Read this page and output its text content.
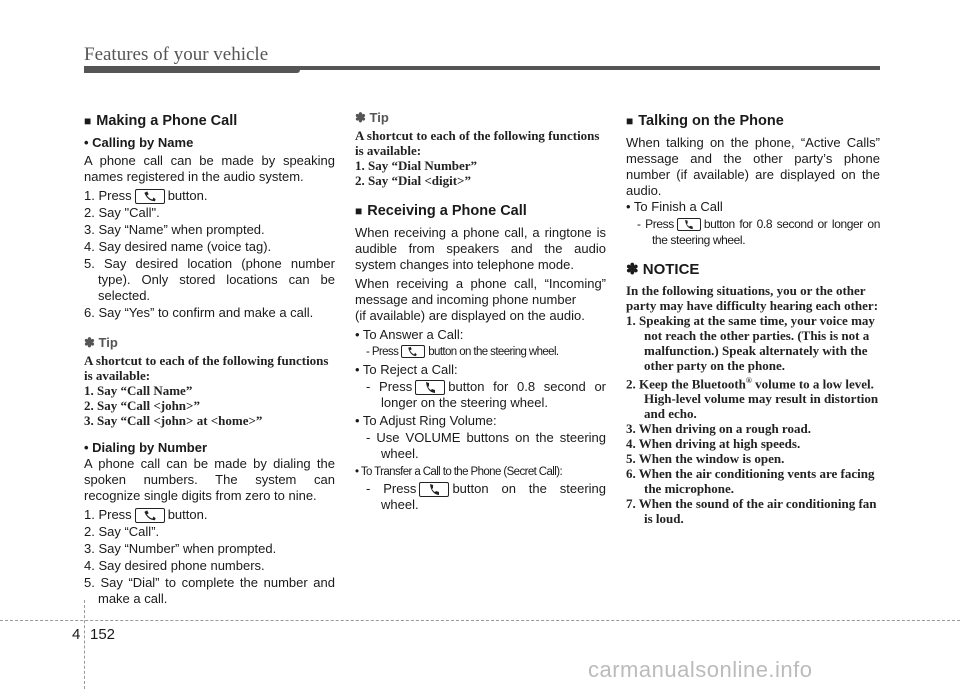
Features of your vehicle
■ Making a Phone Call
• Calling by Name

A phone call can be made by speaking names registered in the audio system.

1. Press	button.
2. Say "Call".
3. Say “Name” when prompted.
4. Say desired name (voice tag).
5. Say desired location (phone number type). Only stored locations can be selected.
6. Say “Yes” to confirm and make a call.
✽ Tip
A shortcut to each of the following functions is available:
1. Say “Call Name”
2. Say “Call <john>”
3. Say “Call <john> at <home>”
• Dialing by Number

A phone call can be made by dialing the spoken numbers. The system can recognize single digits from zero to nine.

1. Press	button.
2. Say “Call”.
3. Say “Number” when prompted.
4. Say desired phone numbers.
5. Say “Dial” to complete the number and make a call.
✽ Tip
A shortcut to each of the following functions is available:
1. Say “Dial Number”
2. Say “Dial <digit>”
■ Receiving a Phone Call

When receiving a phone call, a ringtone is audible from speakers and the audio system changes into telephone mode.

When receiving a phone call, “Incoming” message and incoming phone number

(if available) are displayed on the audio.

• To Answer a Call:
- Press	button on the steering wheel.
• To Reject a Call:
- Press	button for 0.8 second or longer on the steering wheel.
• To Adjust Ring Volume:
- Use VOLUME buttons on the steering wheel.
• To Transfer a Call to the Phone (Secret Call):
- Press	button on the steering wheel.
■ Talking on the Phone

When talking on the phone, “Active Calls” message and the other party’s phone number (if available) are displayed on the audio.

• To Finish a Call
- Press	button for 0.8 second or longer on the steering wheel.
✽ NOTICE
In the following situations, you or the other party may have difficulty hearing each other:
1. Speaking at the same time, your voice may not reach the other parties. (This is not a malfunction.) Speak alternately with the other party on the phone.
2. Keep the Bluetooth® volume to a low level. High-level volume may result in distortion and echo.
3. When driving on a rough road.
4. When driving at high speeds.
5. When the window is open.
6. When the air conditioning vents are facing the microphone.
7. When the sound of the air conditioning fan is loud.
4 152
carmanualsonline.info
